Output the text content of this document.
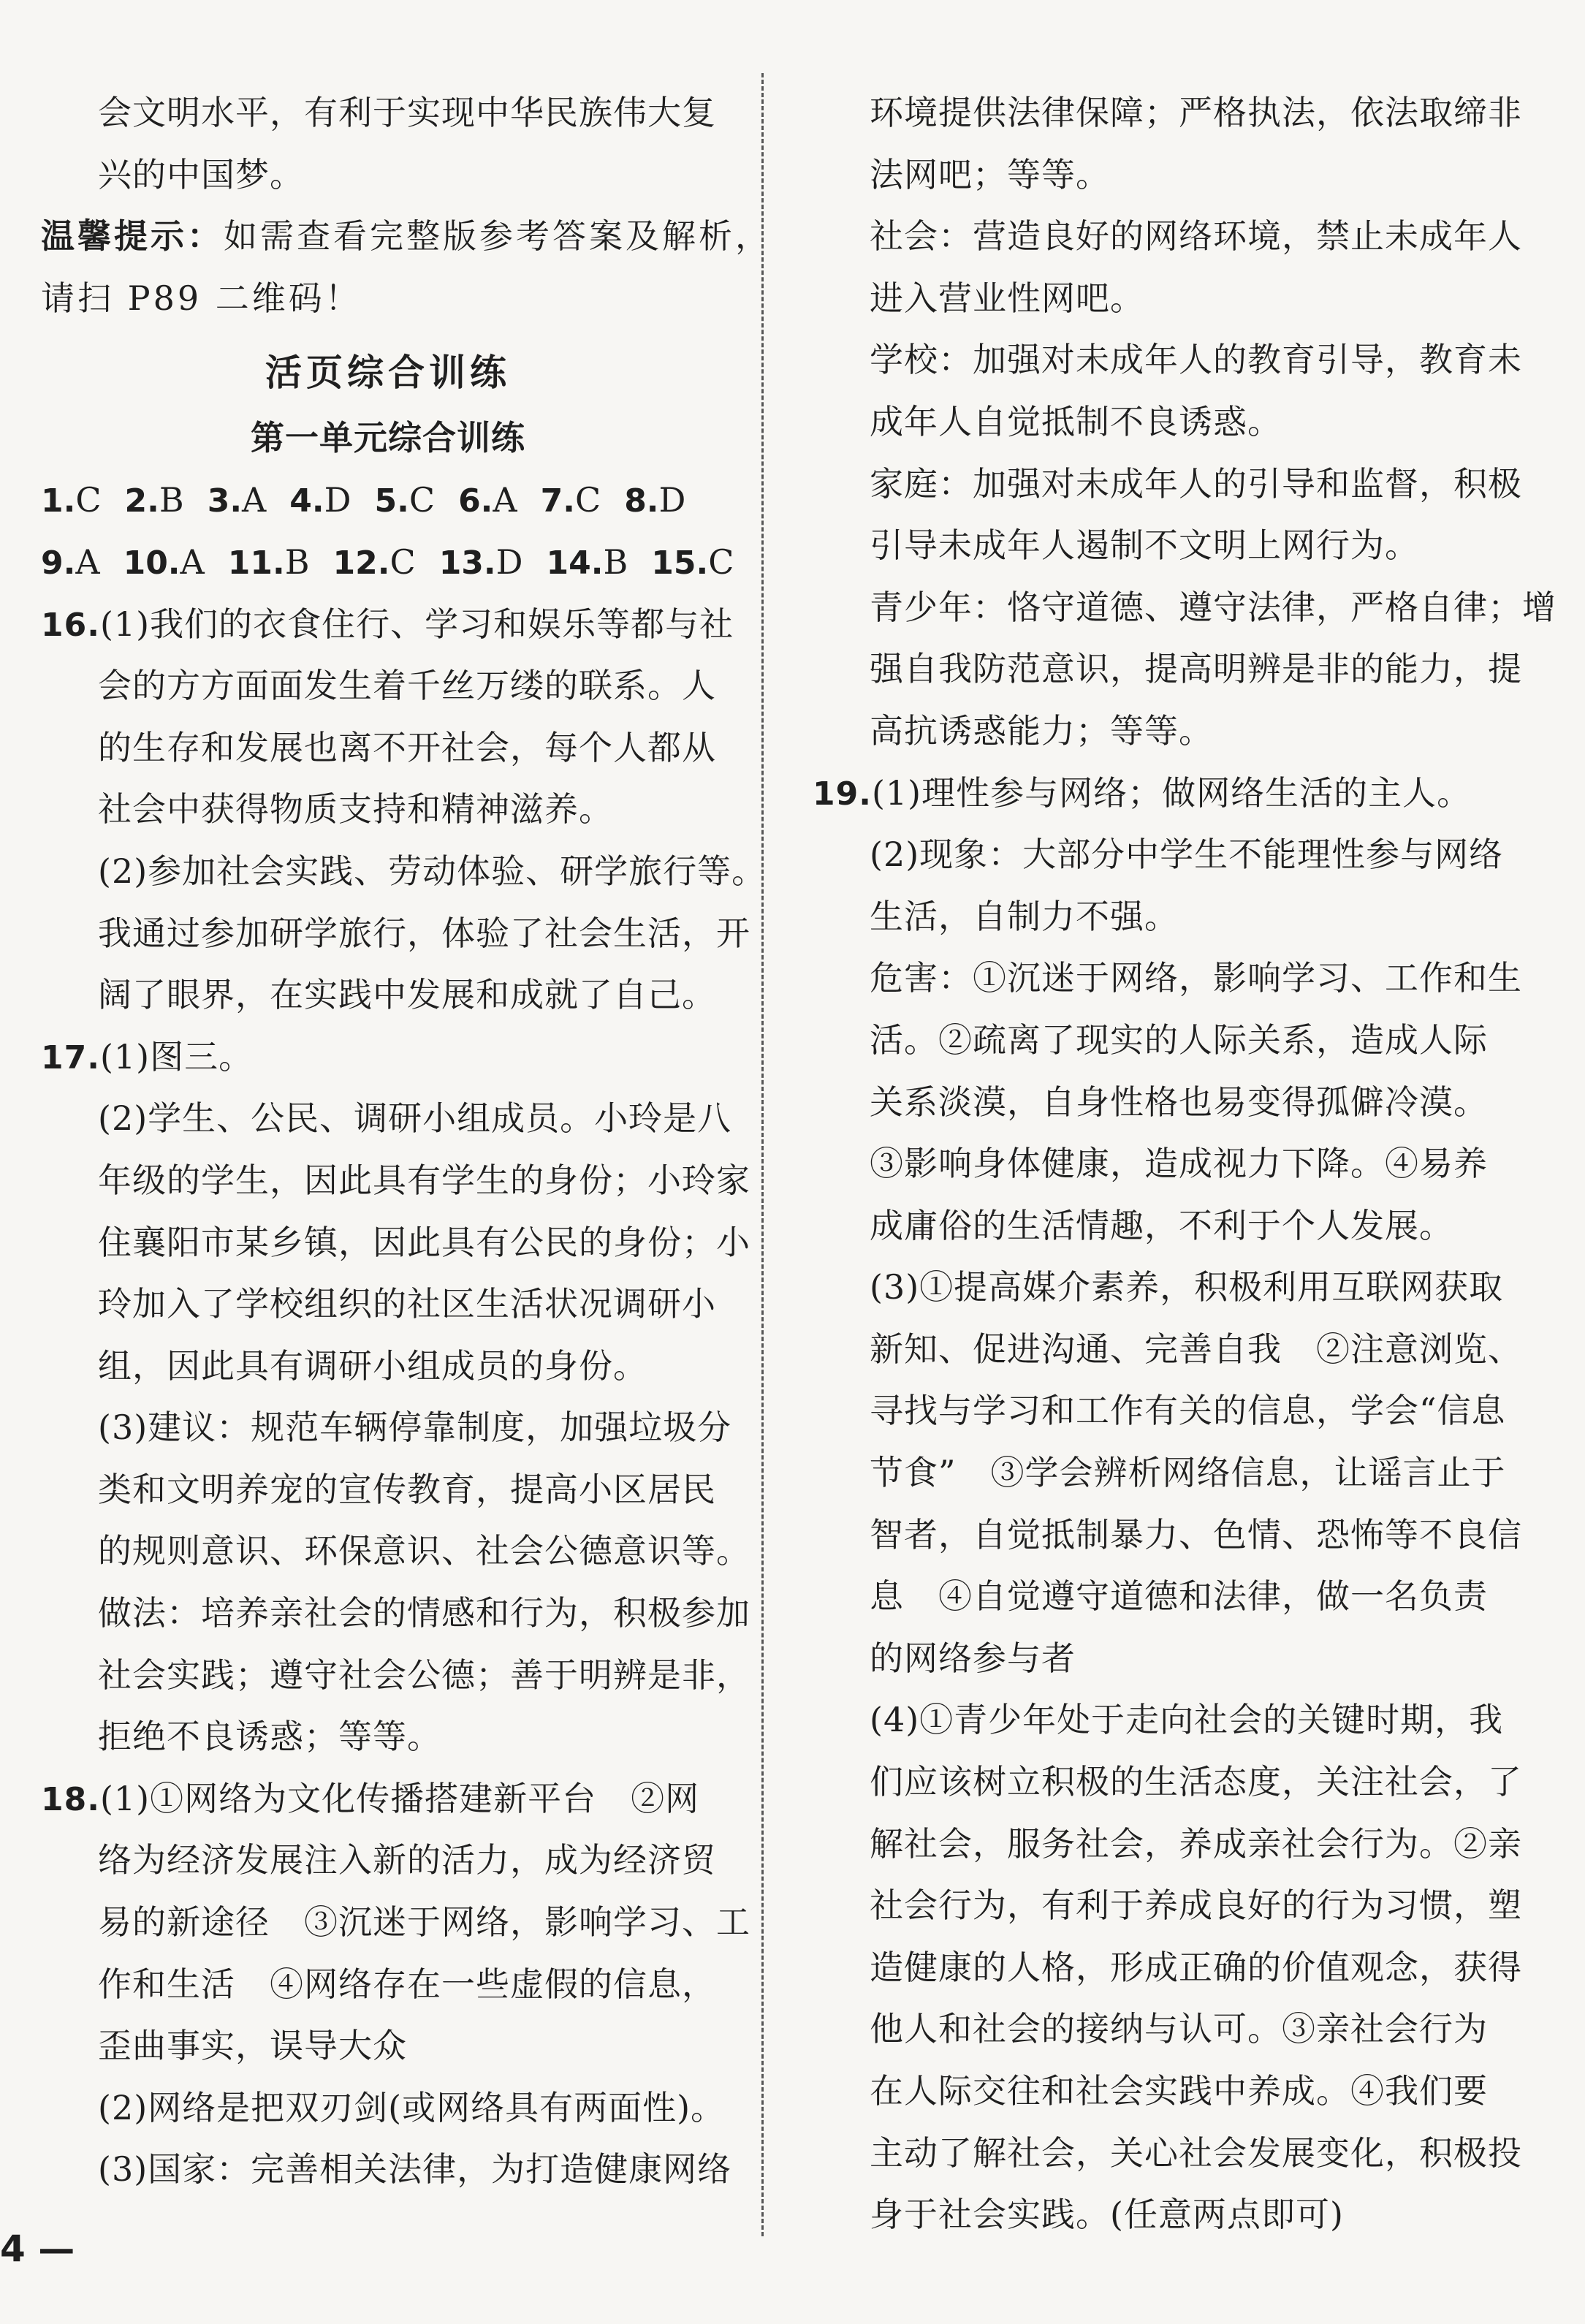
会文明水平，有利于实现中华民族伟大复
兴的中国梦。
温馨提示：如需查看完整版参考答案及解析，
请扫 P89 二维码！
活页综合训练
第一单元综合训练
1.C 2.B 3.A 4.D 5.C 6.A 7.C 8.D
9.A 10.A 11.B 12.C 13.D 14.B 15.C
16.(1)我们的衣食住行、学习和娱乐等都与社
会的方方面面发生着千丝万缕的联系。人
的生存和发展也离不开社会，每个人都从
社会中获得物质支持和精神滋养。
(2)参加社会实践、劳动体验、研学旅行等。
我通过参加研学旅行，体验了社会生活，开
阔了眼界，在实践中发展和成就了自己。
17.(1)图三。
(2)学生、公民、调研小组成员。小玲是八
年级的学生，因此具有学生的身份；小玲家
住襄阳市某乡镇，因此具有公民的身份；小
玲加入了学校组织的社区生活状况调研小
组，因此具有调研小组成员的身份。
(3)建议：规范车辆停靠制度，加强垃圾分
类和文明养宠的宣传教育，提高小区居民
的规则意识、环保意识、社会公德意识等。
做法：培养亲社会的情感和行为，积极参加
社会实践；遵守社会公德；善于明辨是非，
拒绝不良诱惑；等等。
18.(1)①网络为文化传播搭建新平台　②网
络为经济发展注入新的活力，成为经济贸
易的新途径　③沉迷于网络，影响学习、工
作和生活　④网络存在一些虚假的信息，
歪曲事实，误导大众
(2)网络是把双刃剑(或网络具有两面性)。
(3)国家：完善相关法律，为打造健康网络
环境提供法律保障；严格执法，依法取缔非
法网吧；等等。
社会：营造良好的网络环境，禁止未成年人
进入营业性网吧。
学校：加强对未成年人的教育引导，教育未
成年人自觉抵制不良诱惑。
家庭：加强对未成年人的引导和监督，积极
引导未成年人遏制不文明上网行为。
青少年：恪守道德、遵守法律，严格自律；增
强自我防范意识，提高明辨是非的能力，提
高抗诱惑能力；等等。
19.(1)理性参与网络；做网络生活的主人。
(2)现象：大部分中学生不能理性参与网络
生活，自制力不强。
危害：①沉迷于网络，影响学习、工作和生
活。②疏离了现实的人际关系，造成人际
关系淡漠，自身性格也易变得孤僻冷漠。
③影响身体健康，造成视力下降。④易养
成庸俗的生活情趣，不利于个人发展。
(3)①提高媒介素养，积极利用互联网获取
新知、促进沟通、完善自我　②注意浏览、
寻找与学习和工作有关的信息，学会“信息
节食”　③学会辨析网络信息，让谣言止于
智者，自觉抵制暴力、色情、恐怖等不良信
息　④自觉遵守道德和法律，做一名负责
的网络参与者
(4)①青少年处于走向社会的关键时期，我
们应该树立积极的生活态度，关注社会，了
解社会，服务社会，养成亲社会行为。②亲
社会行为，有利于养成良好的行为习惯，塑
造健康的人格，形成正确的价值观念，获得
他人和社会的接纳与认可。③亲社会行为
在人际交往和社会实践中养成。④我们要
主动了解社会，关心社会发展变化，积极投
身于社会实践。(任意两点即可)
4 —
